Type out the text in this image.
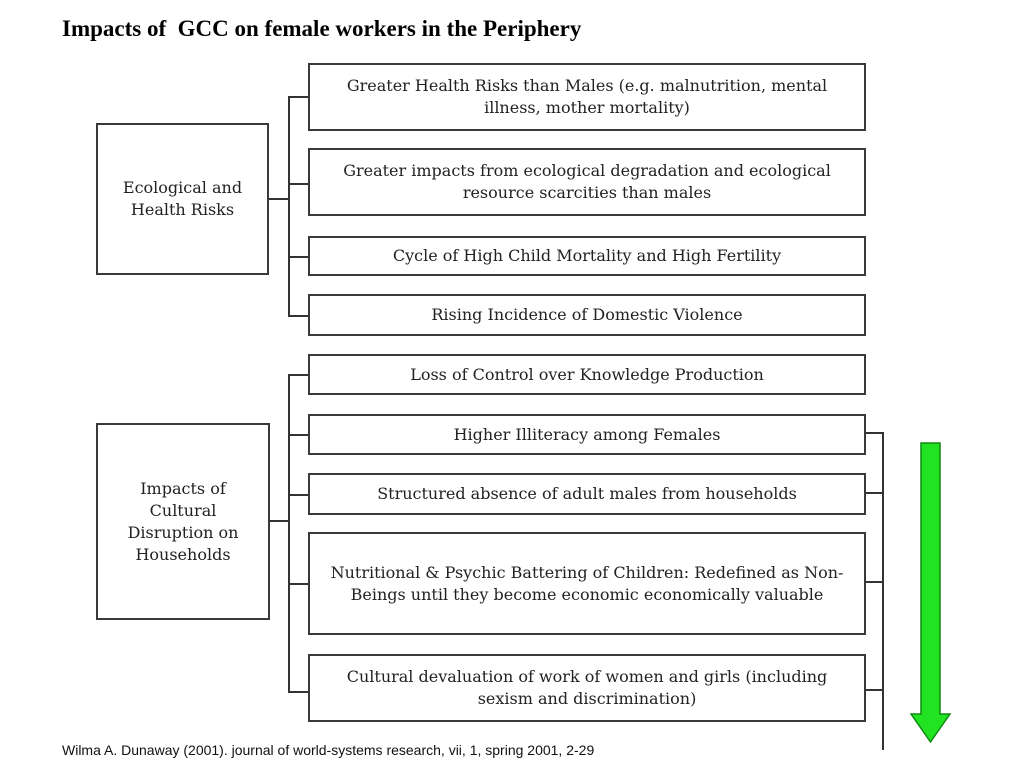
Impacts of  GCC on female workers in the Periphery
Ecological and Health Risks
Impacts of Cultural Disruption on Households
Greater Health Risks than Males (e.g. malnutrition, mental illness, mother mortality)
Greater impacts from ecological degradation and ecological resource scarcities than males
Cycle of High Child Mortality and High Fertility
Rising Incidence of Domestic Violence
Loss of Control over Knowledge Production
Higher Illiteracy among Females
Structured absence of adult males from households
Nutritional & Psychic Battering of Children: Redefined as Non-Beings until they become economic economically valuable
Cultural devaluation of work of women and girls (including sexism and discrimination)
Wilma A. Dunaway (2001). journal of world-systems research, vii, 1, spring 2001, 2-29
